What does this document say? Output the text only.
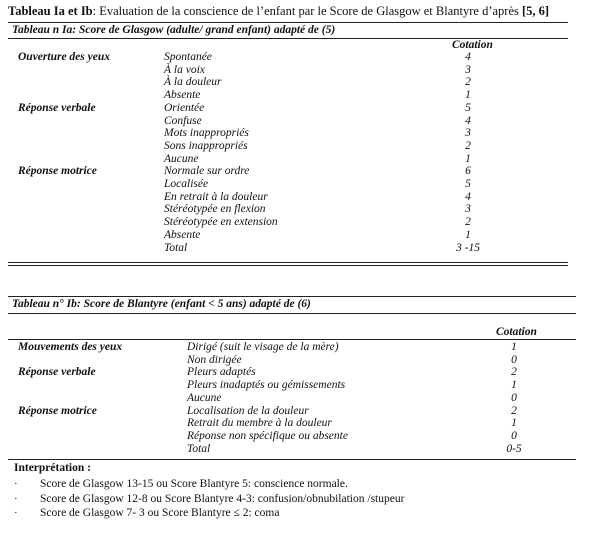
Tableau Ia et Ib: Evaluation de la conscience de l’enfant par le Score de Glasgow et Blantyre d’après [5, 6]
Tableau n Ia: Score de Glasgow (adulte/ grand enfant) adapté de (5)
Cotation
Ouverture des yeux	Spontanée	4
À la voix	3
À la douleur	2
Absente	1
Réponse verbale	Orientée	5
Confuse	4
Mots inappropriés	3
Sons inappropriés	2
Aucune	1
Réponse motrice	Normale sur ordre	6
Localisée	5
En retrait à la douleur	4
Stéréotypée en flexion	3
Stéréotypée en extension	2
Absente	1
Total	3 -15
Tableau n° Ib: Score de Blantyre (enfant < 5 ans) adapté de (6)
Cotation
Mouvements des yeux	Dirigé (suit le visage de la mère)	1
Non dirigée	0
Réponse verbale	Pleurs adaptés	2
Pleurs inadaptés ou gémissements	1
Aucune	0
Réponse motrice	Localisation de la douleur	2
Retrait du membre à la douleur	1
Réponse non spécifique ou absente	0
Total	0-5
Interprétation :
· Score de Glasgow 13-15 ou Score Blantyre 5: conscience normale.
· Score de Glasgow 12-8 ou Score Blantyre 4-3: confusion/obnubilation /stupeur
· Score de Glasgow 7- 3 ou Score Blantyre ≤ 2: coma
